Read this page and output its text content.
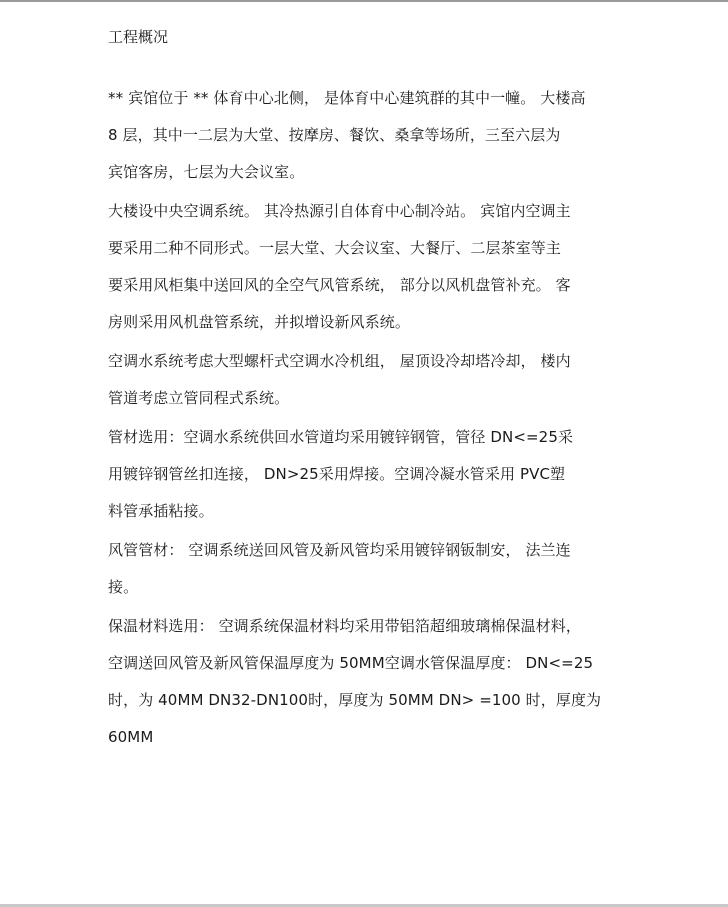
工程概况
** 宾馆位于 ** 体育中心北侧， 是体育中心建筑群的其中一幢。 大楼高
8 层，其中一二层为大堂、按摩房、餐饮、桑拿等场所，三至六层为
宾馆客房，七层为大会议室。
大楼设中央空调系统。 其冷热源引自体育中心制冷站。 宾馆内空调主
要采用二种不同形式。一层大堂、大会议室、大餐厅、二层茶室等主
要采用风柜集中送回风的全空气风管系统， 部分以风机盘管补充。 客
房则采用风机盘管系统，并拟增设新风系统。
空调水系统考虑大型螺杆式空调水冷机组， 屋顶设冷却塔冷却， 楼内
管道考虑立管同程式系统。
管材选用：空调水系统供回水管道均采用镀锌钢管，管径 DN<=25采
用镀锌钢管丝扣连接， DN>25采用焊接。空调冷凝水管采用 PVC塑
料管承插粘接。
风管管材： 空调系统送回风管及新风管均采用镀锌钢钣制安， 法兰连
接。
保温材料选用： 空调系统保温材料均采用带铝箔超细玻璃棉保温材料，
空调送回风管及新风管保温厚度为 50MM空调水管保温厚度： DN<=25
时，为 40MM DN32-DN100时，厚度为 50MM DN> =100 时，厚度为
60MM
